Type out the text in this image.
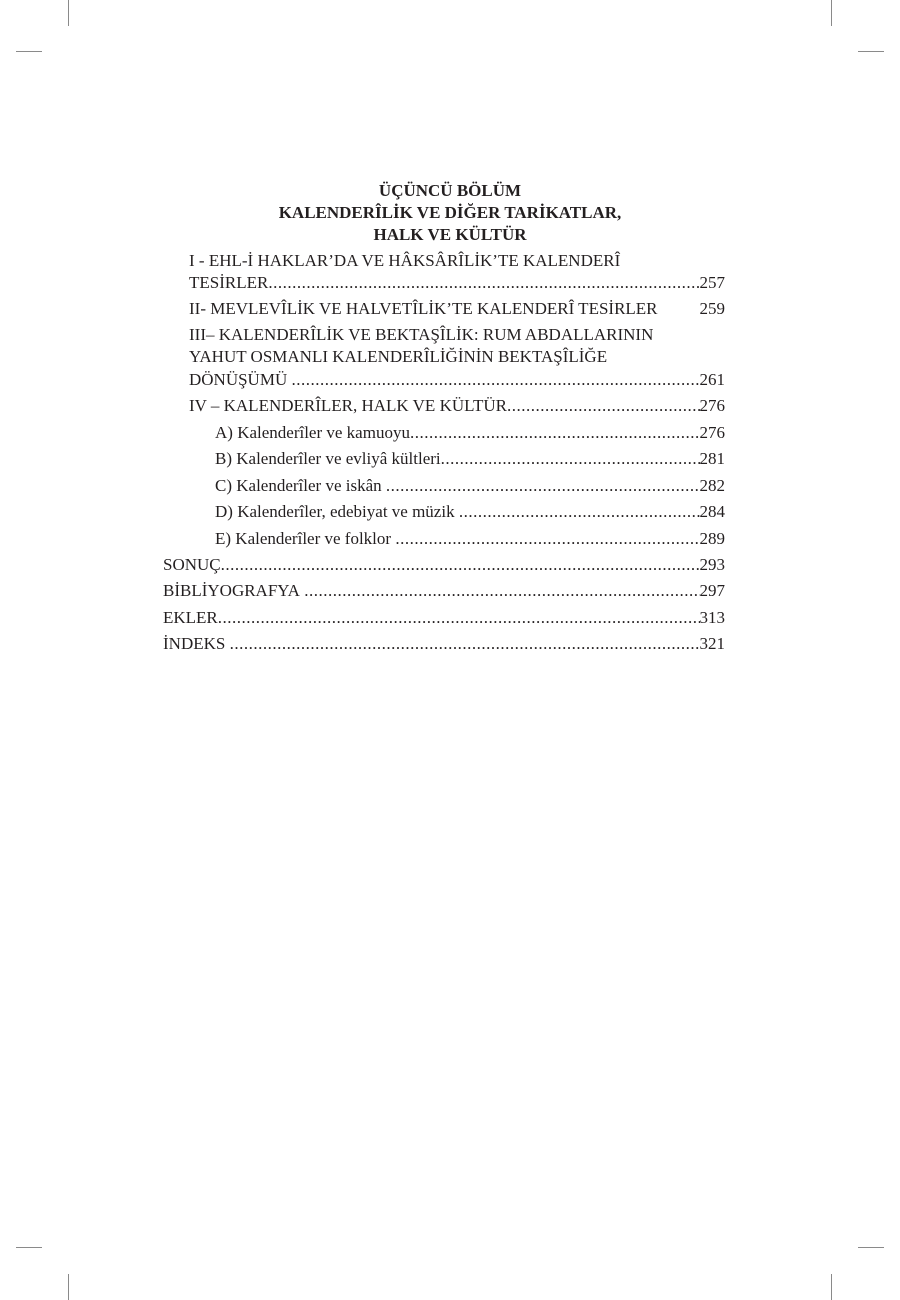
ÜÇÜNCÜ BÖLÜM
KALENDERÎLİK VE DİĞER TARİKATLAR,
HALK VE KÜLTÜR
I - EHL-İ HAKLAR’DA VE HÂKSÂRÎLİK’TE KALENDERÎ
TESİRLER .....	257
II- MEVLEVÎLİK VE HALVETÎLİK’TE KALENDERÎ TESİRLER 259
III– KALENDERÎLİK VE BEKTAŞÎLİK: RUM ABDALLARININ
YAHUT OSMANLI KALENDERÎLİĞİNİN BEKTAŞÎLİĞE
DÖNÜŞÜMÜ
.....	261
IV – KALENDERÎLER, HALK VE KÜLTÜR .....	276
A) Kalenderîler ve kamuoyu .....	276
B) Kalenderîler ve evliyâ kültleri .....	281
C) Kalenderîler ve iskân
.....	282
D) Kalenderîler, edebiyat ve müzik
.....	284
E) Kalenderîler ve folklor
.....	289
SONUÇ .....	293
BİBLİYOGRAFYA
.....	297
EKLER .....	313
İNDEKS
.....	321
